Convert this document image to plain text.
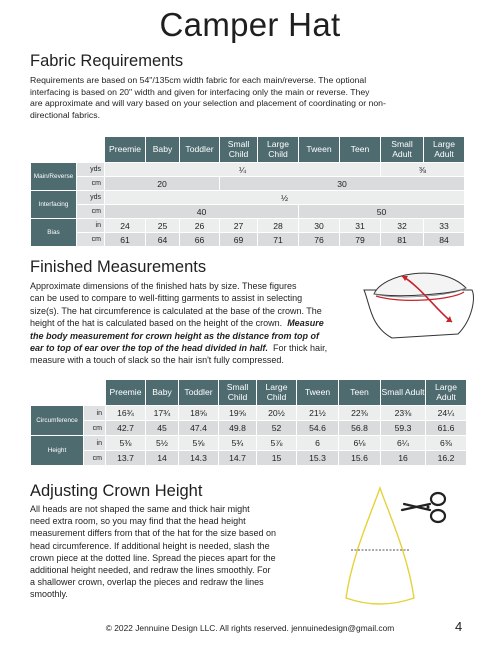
Camper Hat
Fabric Requirements
Requirements are based on 54"/135cm width fabric for each main/reverse. The optional
interfacing is based on 20" width and given for interfacing only the main or reverse. They
are approximate and will vary based on your selection and placement of coordinating or non-
directional fabrics.
		Preemie	Baby	Toddler	Small Child	Large Child	Tween	Teen	Small Adult	Large Adult
Main/Reverse	yds	¼							⅜	
	cm	20			30					
Interfacing	yds	½								
	cm	40					50			
Bias	in	24	25	26	27	28	30	31	32	33
	cm	61	64	66	69	71	76	79	81	84
Finished Measurements
Approximate dimensions of the finished hats by size. These figures
can be used to compare to well-fitting garments to assist in selecting
size(s). The hat circumference is calculated at the base of the crown. The
height of the hat is calculated based on the height of the crown. Measure
the body measurement for crown height as the distance from top of
ear to top of ear over the top of the head divided in half. For thick hair,
measure with a touch of slack so the hair isn't fully compressed.
		Preemie	Baby	Toddler	Small Child	Large Child	Tween	Teen	Small Adult	Large Adult
Circumference	in	16¾	17¾	18⅝	19⅝	20½	21½	22⅜	23⅜	24¼
	cm	42.7	45	47.4	49.8	52	54.6	56.8	59.3	61.6
Height	in	5⅜	5½	5⅝	5¾	5⅞	6	6⅛	6¼	6⅜
	cm	13.7	14	14.3	14.7	15	15.3	15.6	16	16.2
Adjusting Crown Height
All heads are not shaped the same and thick hair might
need extra room, so you may find that the head height
measurement differs from that of the hat for the size based on
head circumference. If additional height is needed, slash the
crown piece at the dotted line. Spread the pieces apart for the
additional height needed, and redraw the lines smoothly. For
a shallower crown, overlap the pieces and redraw the lines
smoothly.
© 2022 Jennuine Design LLC. All rights reserved. jennuinedesign@gmail.com	4
